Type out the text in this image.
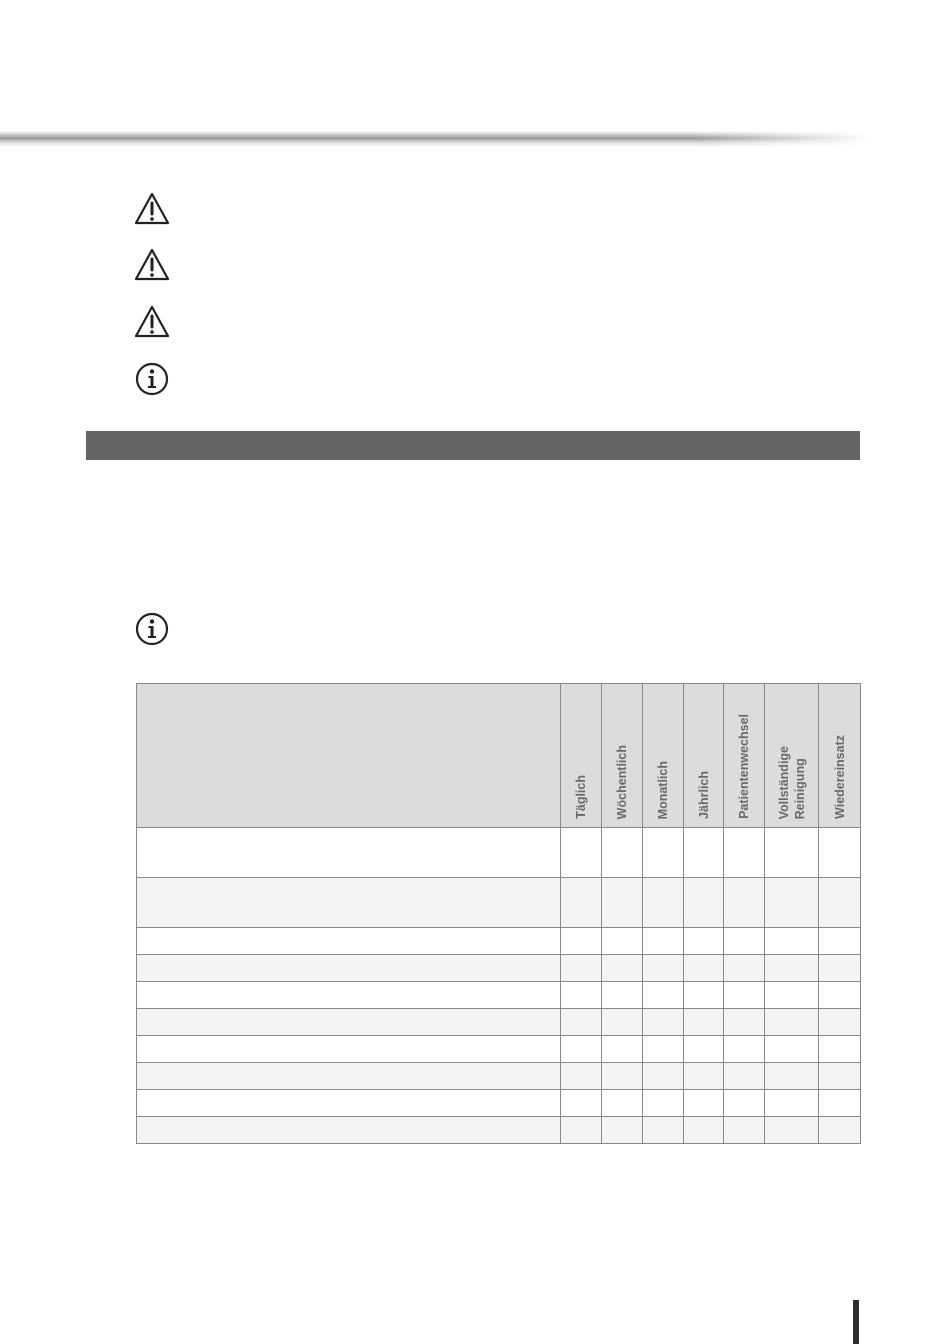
	Täglich	Wöchentlich	Monatlich	Jährlich	Patientenwechsel	Vollständige Reinigung	Wiedereinsatz
